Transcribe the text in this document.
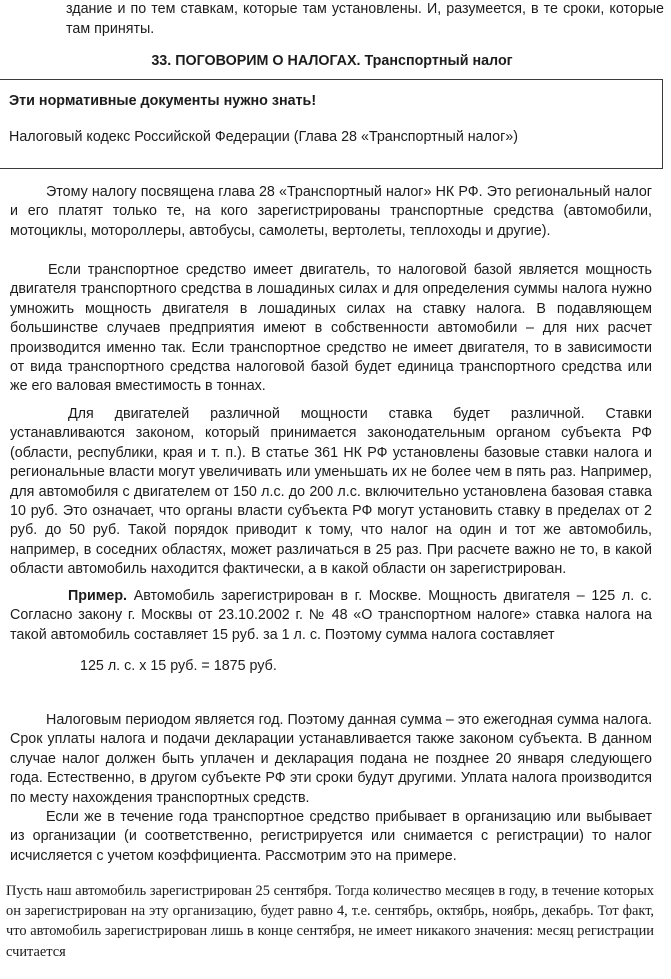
здание и по тем ставкам, которые там установлены. И, разумеется, в те сроки, которые там приняты.
33. ПОГОВОРИМ О НАЛОГАХ. Транспортный налог
Эти нормативные документы нужно знать!
Налоговый кодекс Российской Федерации (Глава 28 «Транспортный налог»)
Этому налогу посвящена глава 28 «Транспортный налог» НК РФ. Это региональный налог и его платят только те, на кого зарегистрированы транспортные средства (автомобили, мотоциклы, мотороллеры, автобусы, самолеты, вертолеты, теплоходы и другие).
Если транспортное средство имеет двигатель, то налоговой базой является мощность двигателя транспортного средства в лошадиных силах и для определения суммы налога нужно умножить мощность двигателя в лошадиных силах на ставку налога. В подавляющем большинстве случаев предприятия имеют в собственности автомобили – для них расчет производится именно так. Если транспортное средство не имеет двигателя, то в зависимости от вида транспортного средства налоговой базой будет единица транспортного средства или же его валовая вместимость в тоннах.
Для двигателей различной мощности ставка будет различной. Ставки устанавливаются законом, который принимается законодательным органом субъекта РФ (области, республики, края и т. п.). В статье 361 НК РФ установлены базовые ставки налога и региональные власти могут увеличивать или уменьшать их не более чем в пять раз. Например, для автомобиля с двигателем от 150 л.с. до 200 л.с. включительно установлена базовая ставка 10 руб. Это означает, что органы власти субъекта РФ могут установить ставку в пределах от 2 руб. до 50 руб. Такой порядок приводит к тому, что налог на один и тот же автомобиль, например, в соседних областях, может различаться в 25 раз. При расчете важно не то, в какой области автомобиль находится фактически, а в какой области он зарегистрирован.
Пример. Автомобиль зарегистрирован в г. Москве. Мощность двигателя – 125 л. с. Согласно закону г. Москвы от 23.10.2002 г. № 48 «О транспортном налоге» ставка налога на такой автомобиль составляет 15 руб. за 1 л. с. Поэтому сумма налога составляет
125 л. с. х 15 руб. = 1875 руб.
Налоговым периодом является год. Поэтому данная сумма – это ежегодная сумма налога. Срок уплаты налога и подачи декларации устанавливается также законом субъекта. В данном случае налог должен быть уплачен и декларация подана не позднее 20 января следующего года. Естественно, в другом субъекте РФ эти сроки будут другими. Уплата налога производится по месту нахождения транспортных средств.
Если же в течение года транспортное средство прибывает в организацию или выбывает из организации (и соответственно, регистрируется или снимается с регистрации) то налог исчисляется с учетом коэффициента. Рассмотрим это на примере.
Пусть наш автомобиль зарегистрирован 25 сентября. Тогда количество месяцев в году, в течение которых он зарегистрирован на эту организацию, будет равно 4, т.е. сентябрь, октябрь, ноябрь, декабрь. Тот факт, что автомобиль зарегистрирован лишь в конце сентября, не имеет никакого значения: месяц регистрации считается
